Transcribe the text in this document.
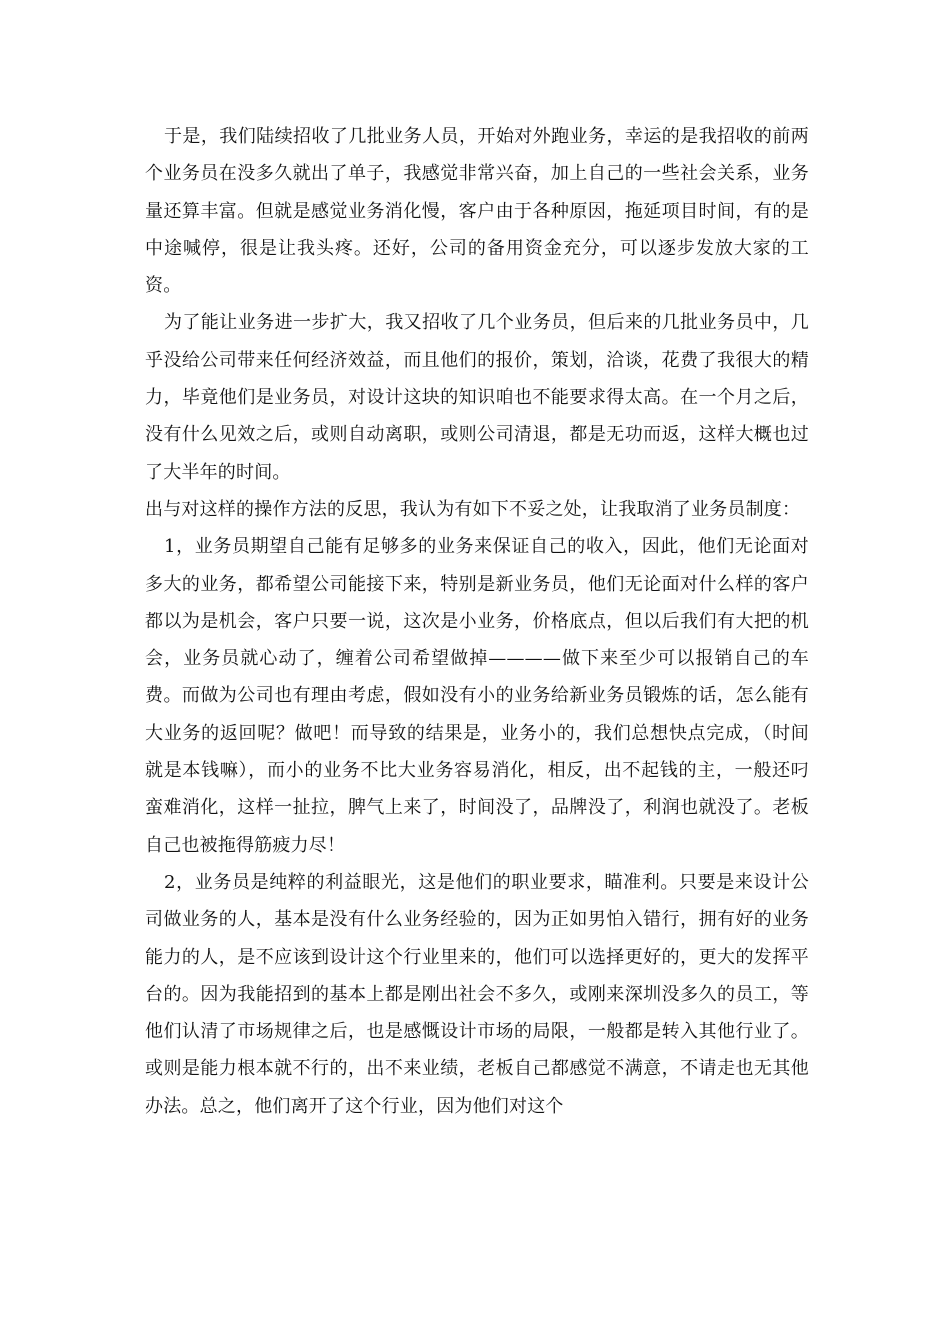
于是，我们陆续招收了几批业务人员，开始对外跑业务，幸运的是我招收的前两个业务员在没多久就出了单子，我感觉非常兴奋，加上自己的一些社会关系，业务量还算丰富。但就是感觉业务消化慢，客户由于各种原因，拖延项目时间，有的是中途喊停，很是让我头疼。还好，公司的备用资金充分，可以逐步发放大家的工资。

为了能让业务进一步扩大，我又招收了几个业务员，但后来的几批业务员中，几乎没给公司带来任何经济效益，而且他们的报价，策划，洽谈，花费了我很大的精力，毕竟他们是业务员，对设计这块的知识咱也不能要求得太高。在一个月之后，没有什么见效之后，或则自动离职，或则公司清退，都是无功而返，这样大概也过了大半年的时间。

出与对这样的操作方法的反思，我认为有如下不妥之处，让我取消了业务员制度：

1，业务员期望自己能有足够多的业务来保证自己的收入，因此，他们无论面对多大的业务，都希望公司能接下来，特别是新业务员，他们无论面对什么样的客户都以为是机会，客户只要一说，这次是小业务，价格底点，但以后我们有大把的机会，业务员就心动了，缠着公司希望做掉————做下来至少可以报销自己的车费。而做为公司也有理由考虑，假如没有小的业务给新业务员锻炼的话，怎么能有大业务的返回呢？做吧！而导致的结果是，业务小的，我们总想快点完成，（时间就是本钱嘛），而小的业务不比大业务容易消化，相反，出不起钱的主，一般还叼蛮难消化，这样一扯拉，脾气上来了，时间没了，品牌没了，利润也就没了。老板自己也被拖得筋疲力尽！

2，业务员是纯粹的利益眼光，这是他们的职业要求，瞄准利。只要是来设计公司做业务的人，基本是没有什么业务经验的，因为正如男怕入错行，拥有好的业务能力的人，是不应该到设计这个行业里来的，他们可以选择更好的，更大的发挥平台的。因为我能招到的基本上都是刚出社会不多久，或刚来深圳没多久的员工，等他们认清了市场规律之后，也是感慨设计市场的局限，一般都是转入其他行业了。或则是能力根本就不行的，出不来业绩，老板自己都感觉不满意，不请走也无其他办法。总之，他们离开了这个行业，因为他们对这个
